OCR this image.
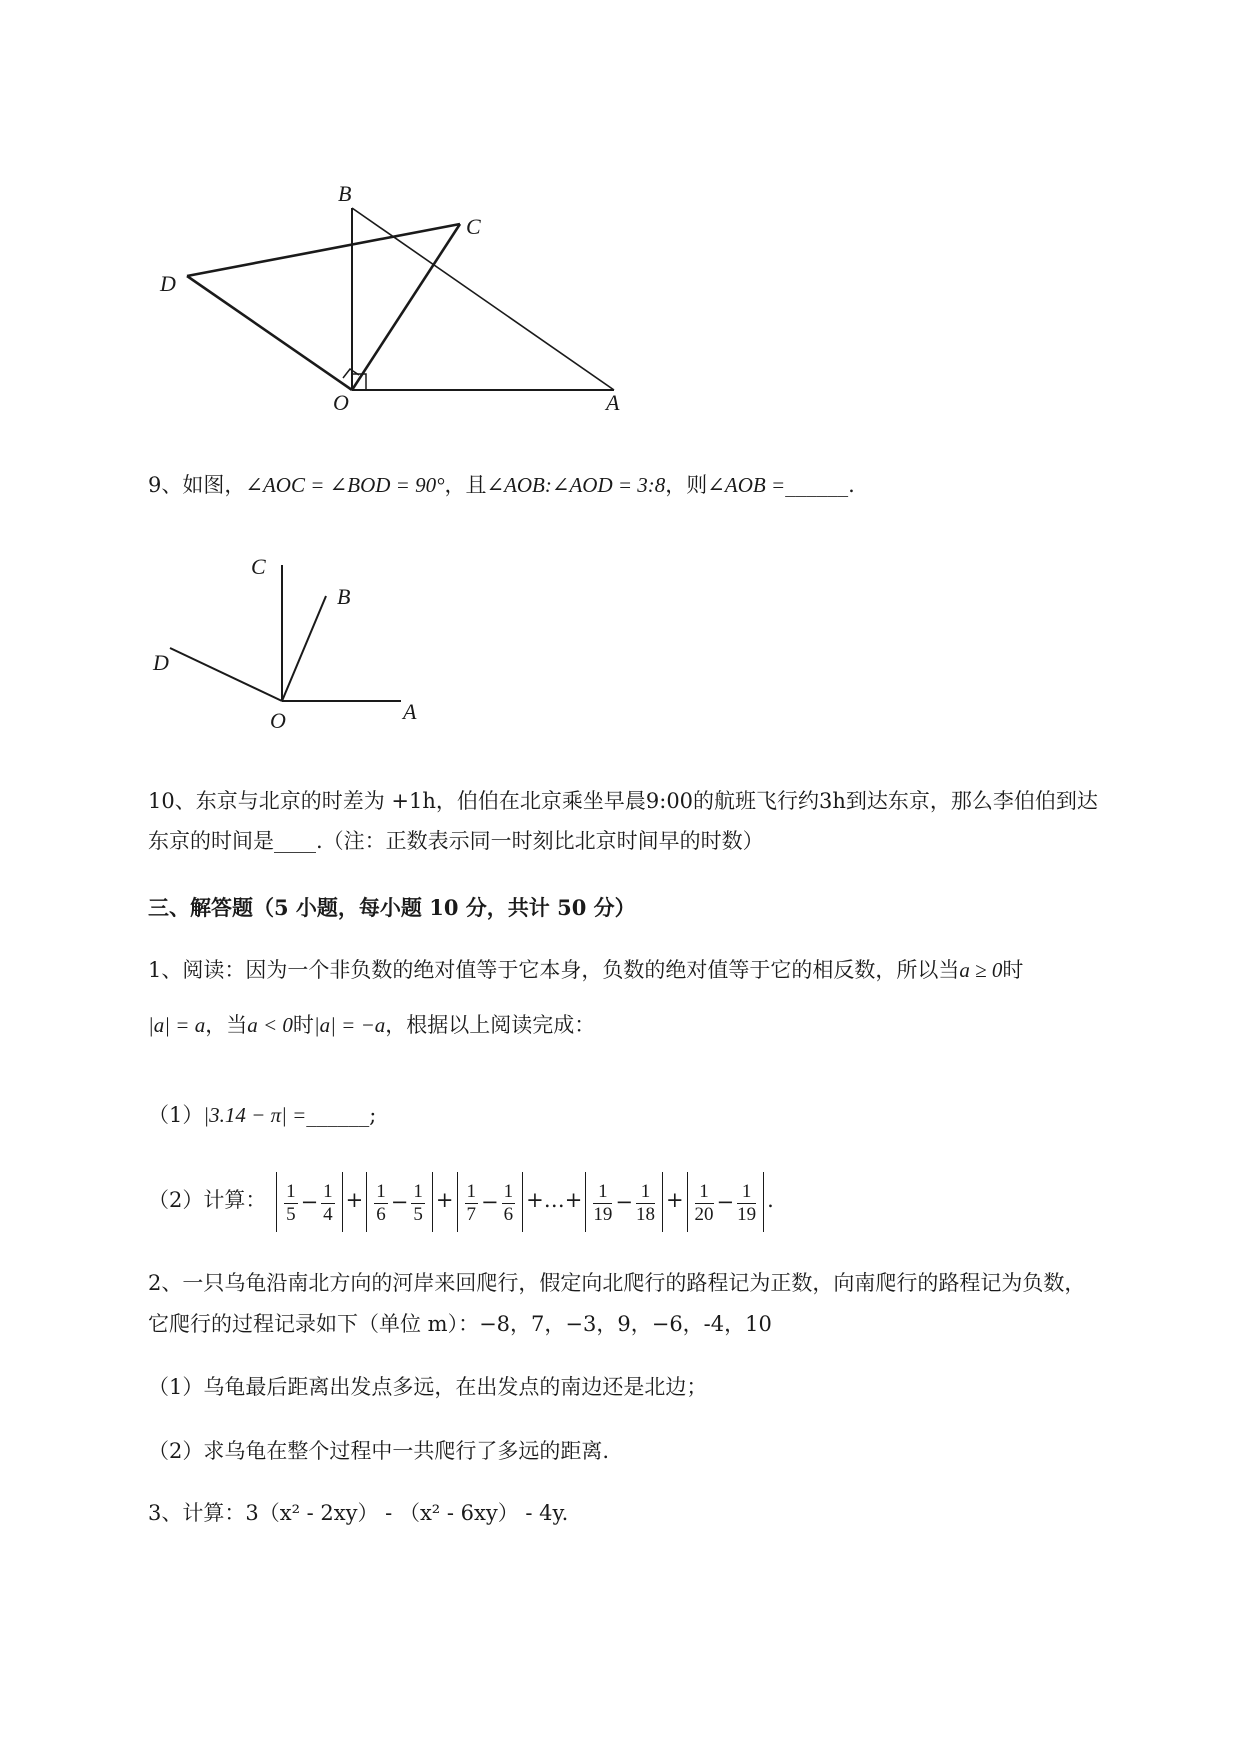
B
C
D
O	A
C
B
D
O	A
9、如图，∠AOC = ∠BOD = 90°，且∠AOB:∠AOD = 3:8，则∠AOB =______.
10、东京与北京的时差为 +1h，伯伯在北京乘坐早晨9:00的航班飞行约3h到达东京，那么李伯伯到达
东京的时间是____.（注：正数表示同一时刻比北京时间早的时数）
三、解答题（5 小题，每小题 10 分，共计 50 分）
1、阅读：因为一个非负数的绝对值等于它本身，负数的绝对值等于它的相反数，所以当a ≥ 0时
|a| = a，当a < 0时|a| = −a，根据以上阅读完成：
（1）|3.14 − π| =______;
（2）计算： $\frac{1}{5} - \frac{1}{4} + \frac{1}{6} - \frac{1}{5} + \frac{1}{7} - \frac{1}{6}$ +…+ $\frac{1}{19} - \frac{1}{18} + \frac{1}{20} - \frac{1}{19}$ .
2、一只乌龟沿南北方向的河岸来回爬行，假定向北爬行的路程记为正数，向南爬行的路程记为负数，
它爬行的过程记录如下（单位 m）：−8，7，−3，9，−6，-4，10
（1）乌龟最后距离出发点多远，在出发点的南边还是北边；
（2）求乌龟在整个过程中一共爬行了多远的距离.
3、计算：3（x² - 2xy） - （x² - 6xy） - 4y.
